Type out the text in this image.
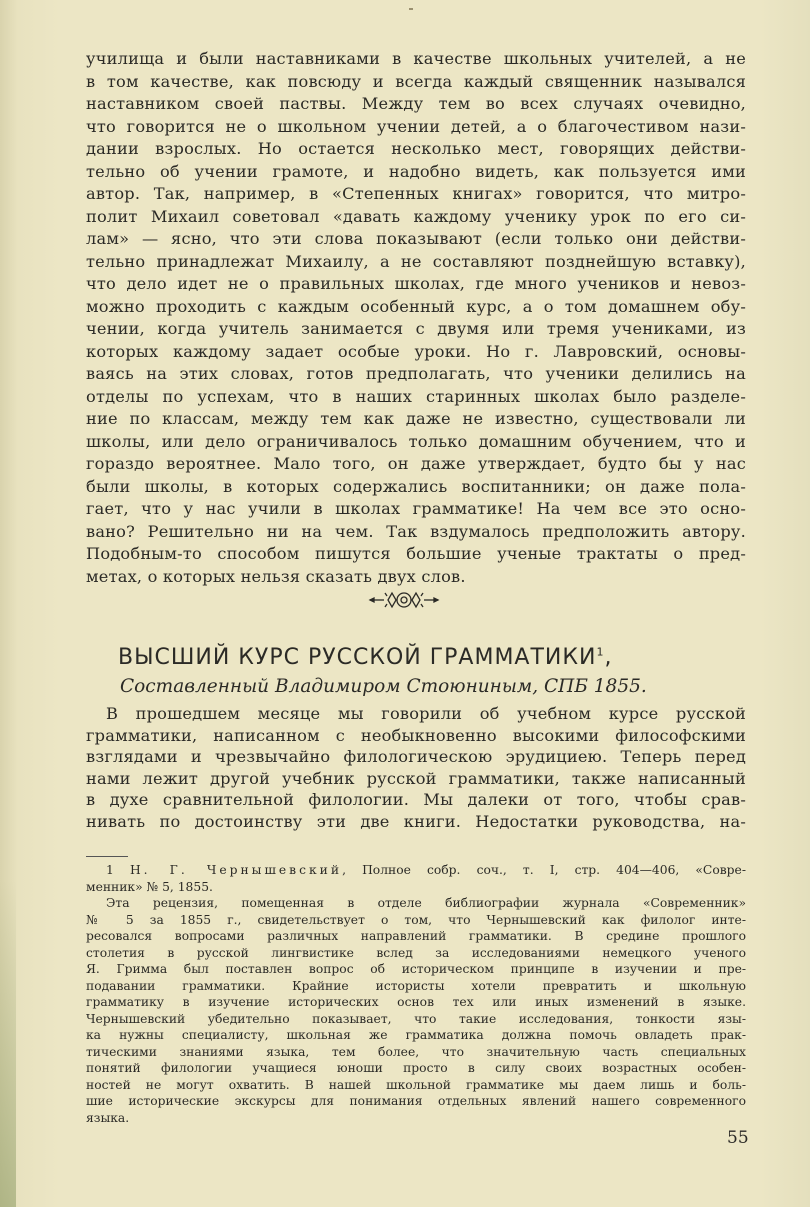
училища и были наставниками в качестве школьных учителей, а не
в том качестве, как повсюду и всегда каждый священник назывался
наставником своей паствы. Между тем во всех случаях очевидно,
что говорится не о школьном учении детей, а о благочестивом нази-
дании взрослых. Но остается несколько мест, говорящих действи-
тельно об учении грамоте, и надобно видеть, как пользуется ими
автор. Так, например, в «Степенных книгах» говорится, что митро-
полит Михаил советовал «давать каждому ученику урок по его си-
лам» — ясно, что эти слова показывают (если только они действи-
тельно принадлежат Михаилу, а не составляют позднейшую вставку),
что дело идет не о правильных школах, где много учеников и невоз-
можно проходить с каждым особенный курс, а о том домашнем обу-
чении, когда учитель занимается с двумя или тремя учениками, из
которых каждому задает особые уроки. Но г. Лавровский, основы-
ваясь на этих словах, готов предполагать, что ученики делились на
отделы по успехам, что в наших старинных школах было разделе-
ние по классам, между тем как даже не известно, существовали ли
школы, или дело ограничивалось только домашним обучением, что и
гораздо вероятнее. Мало того, он даже утверждает, будто бы у нас
были школы, в которых содержались воспитанники; он даже пола-
гает, что у нас учили в школах грамматике! На чем все это осно-
вано? Решительно ни на чем. Так вздумалось предположить автору.
Подобным-то способом пишутся большие ученые трактаты о пред-
метах, о которых нельзя сказать двух слов.
ВЫСШИЙ КУРС РУССКОЙ ГРАММАТИКИ$^1$,
Составленный Владимиром Стоюниным, СПБ 1855.
В прошедшем месяце мы говорили об учебном курсе русской
грамматики, написанном с необыкновенно высокими философскими
взглядами и чрезвычайно филологическою эрудициею. Теперь перед
нами лежит другой учебник русской грамматики, также написанный
в духе сравнительной филологии. Мы далеки от того, чтобы срав-
нивать по достоинству эти две книги. Недостатки руководства, на-
1 Н. Г. Чернышевский, Полное собр. соч., т. I, стр. 404—406, «Совре-
менник» № 5, 1855.
Эта рецензия, помещенная в отделе библиографии журнала «Современник»
№ 5 за 1855 г., свидетельствует о том, что Чернышевский как филолог инте-
ресовался вопросами различных направлений грамматики. В средине прошлого
столетия в русской лингвистике вслед за исследованиями немецкого ученого
Я. Гримма был поставлен вопрос об историческом принципе в изучении и пре-
подавании грамматики. Крайние истористы хотели превратить и школьную
грамматику в изучение исторических основ тех или иных изменений в языке.
Чернышевский убедительно показывает, что такие исследования, тонкости язы-
ка нужны специалисту, школьная же грамматика должна помочь овладеть прак-
тическими знаниями языка, тем более, что значительную часть специальных
понятий филологии учащиеся юноши просто в силу своих возрастных особен-
ностей не могут охватить. В нашей школьной грамматике мы даем лишь и боль-
шие исторические экскурсы для понимания отдельных явлений нашего современного
языка.
55
